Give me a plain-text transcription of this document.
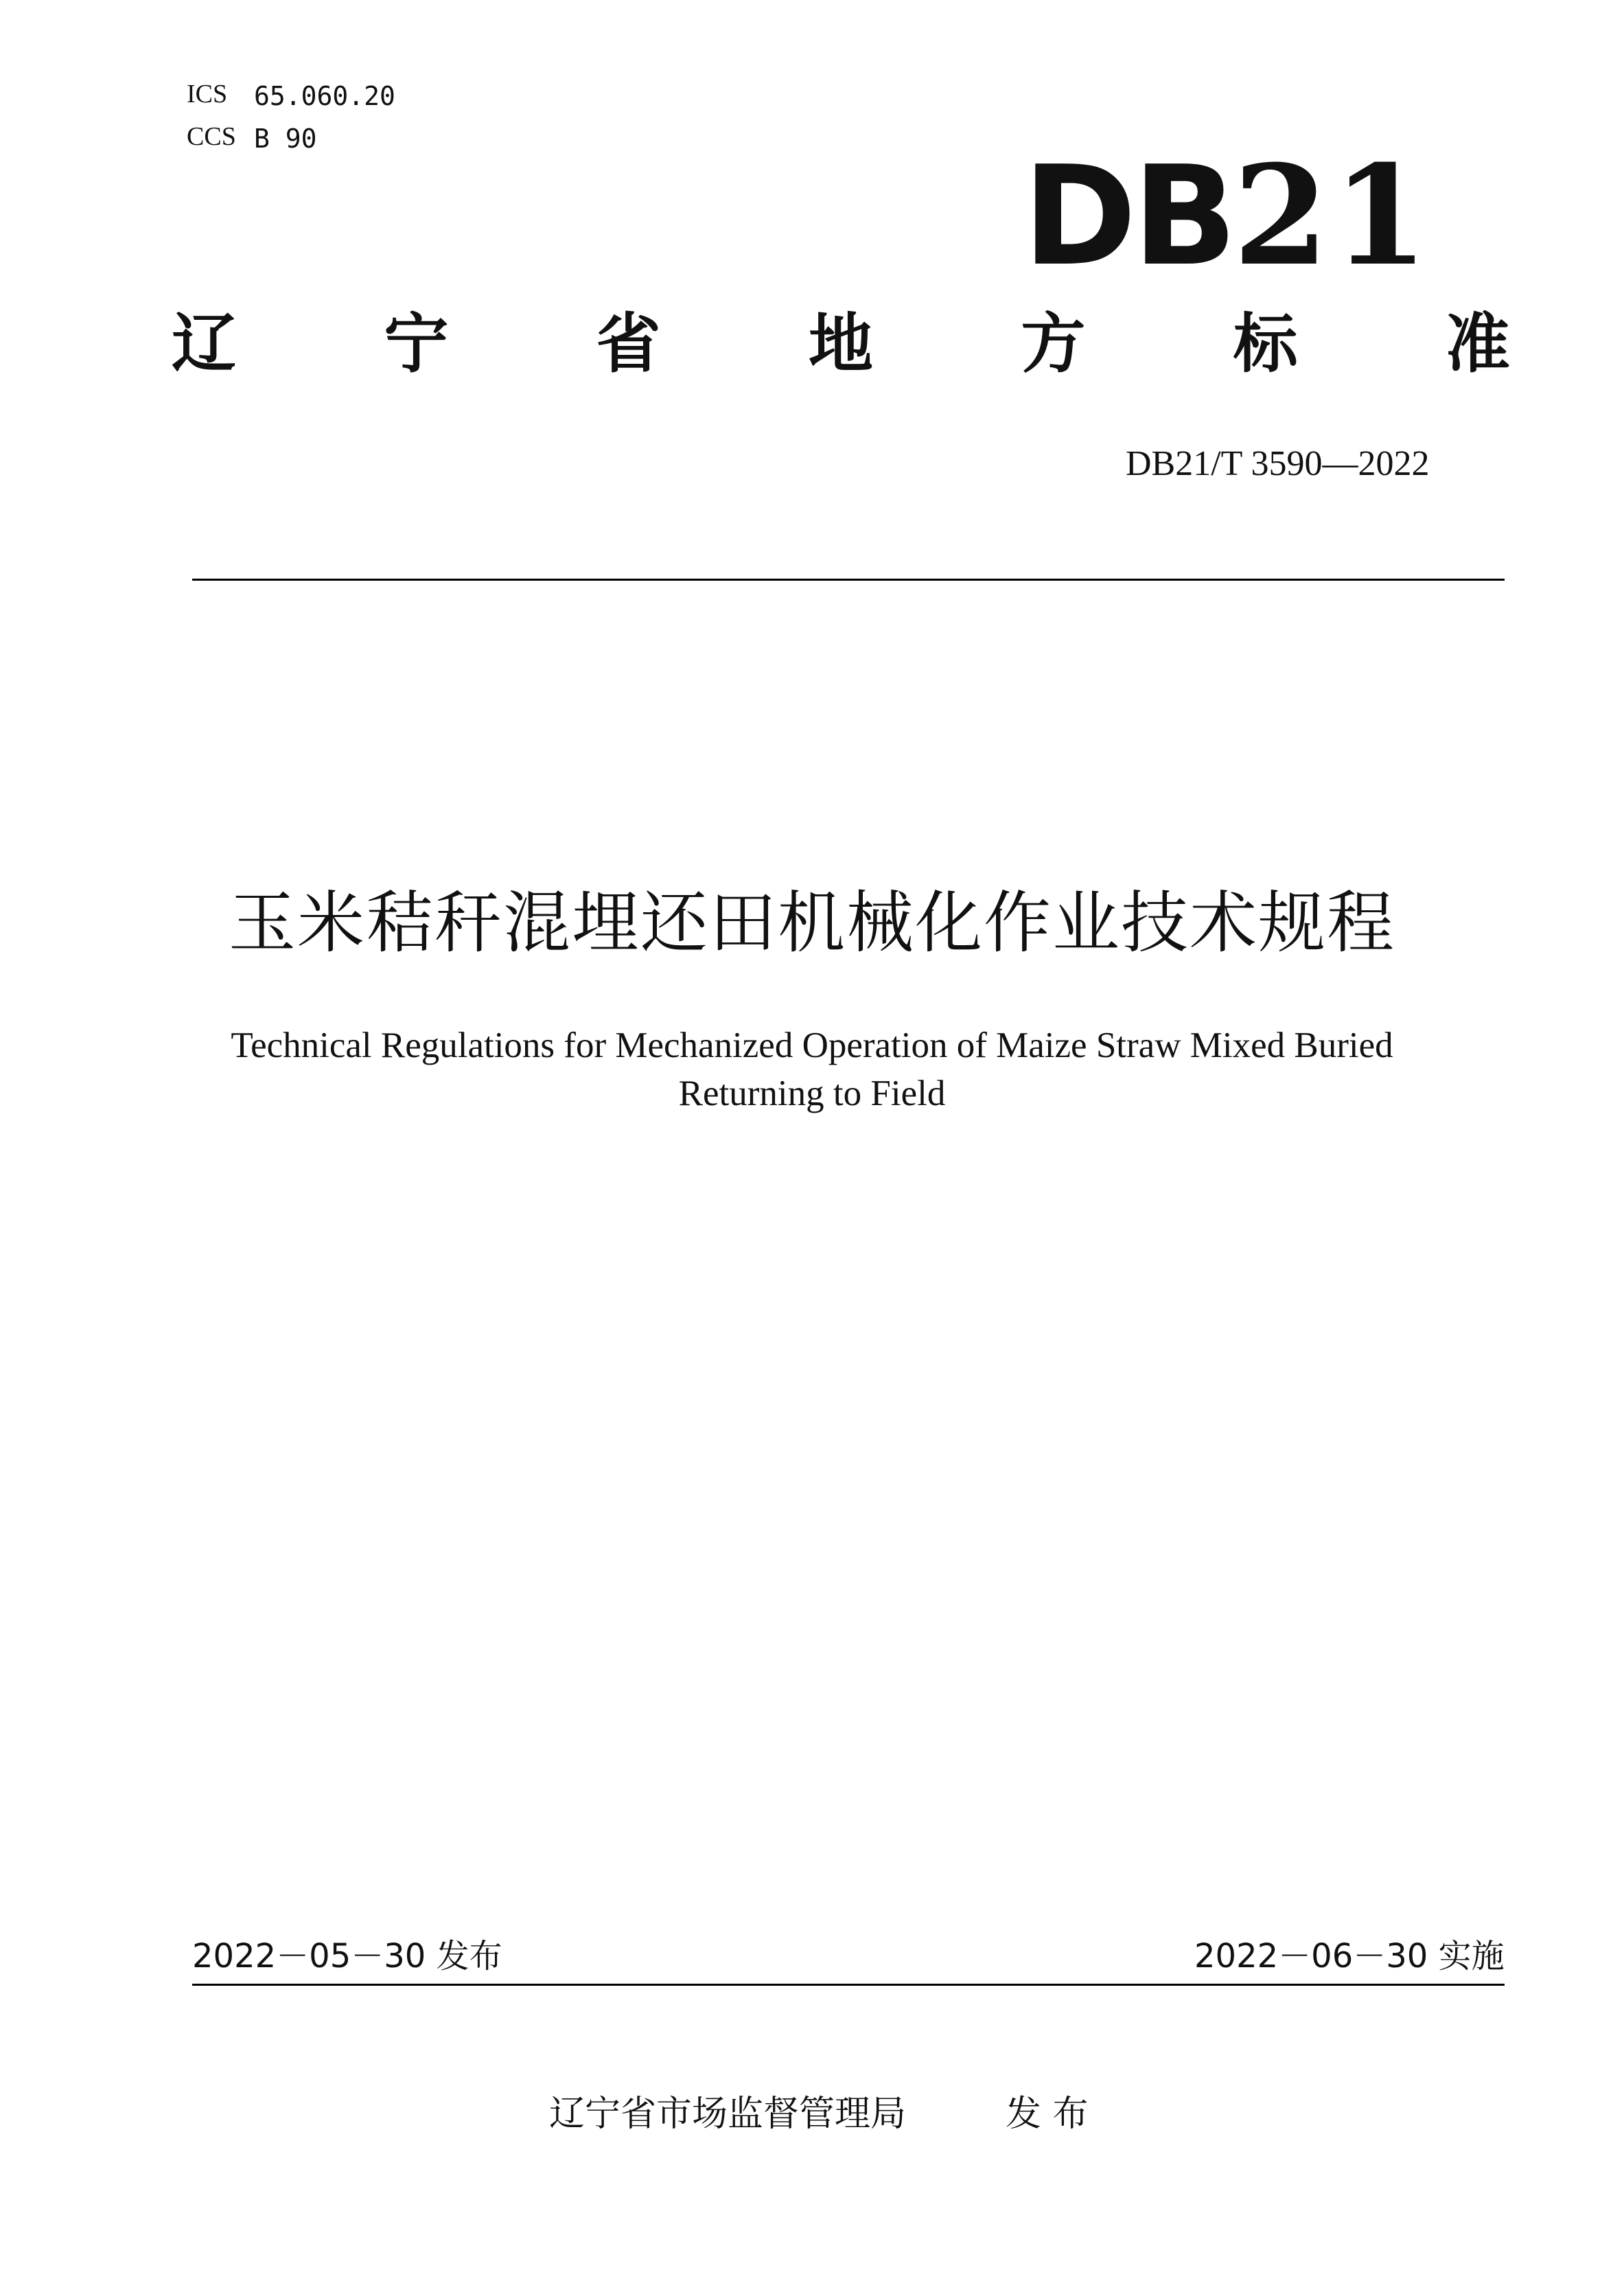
ICS 65.060.20
CCS B 90	DB21
辽 宁 省 地 方 标 准
DB21/T 3590—2022
玉米秸秆混埋还田机械化作业技术规程
Technical Regulations for Mechanized Operation of Maize Straw Mixed Buried
Returning to Field
2022－05－30 发布	2022－06－30 实施
辽宁省市场监督管理局	发 布
